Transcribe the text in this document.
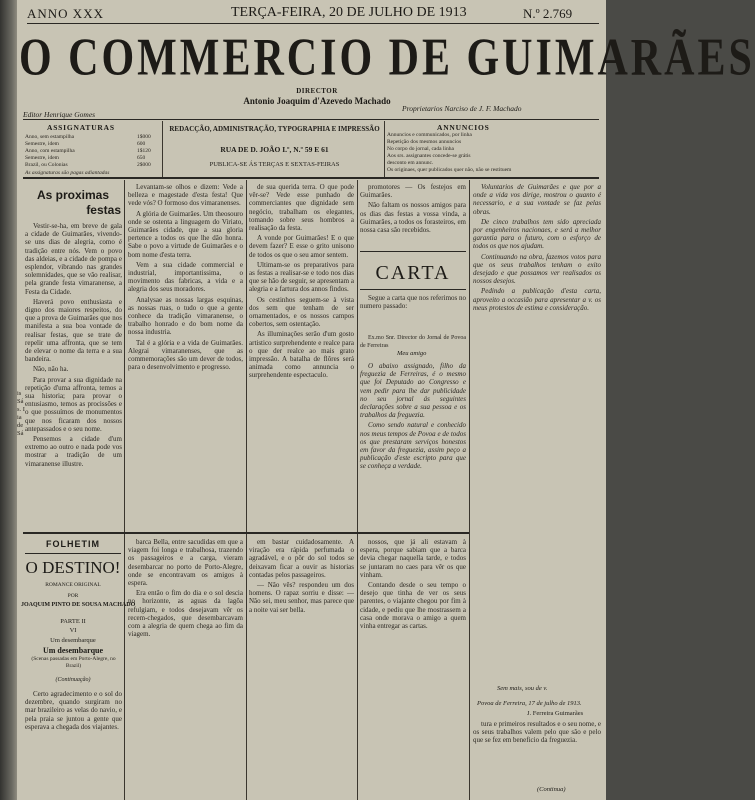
ANNO XXX	TERÇA-FEIRA, 20 DE JULHO DE 1913	N.º 2.769
O COMMERCIO DE GUIMARÃES
DIRECTOR
Antonio Joaquim d'Azevedo Machado
Editor Henrique Gomes
Proprietarios Narciso de J. F. Machado
ASSIGNATURAS
Anno, sem estampilha
Semestre, idem
Anno, com estampilha
Semestre, idem
Brazil, ou Colonias
1$000
600
1$120
650
2$000
As assignaturas são pagas adiantadas
REDACÇÃO, ADMINISTRAÇÃO, TYPOGRAPHIA E IMPRESSÃO
RUA DE D. JOÃO I.º, N.º 59 E 61
PUBLICA-SE ÁS TERÇAS E SEXTAS-FEIRAS
ANNUNCIOS
Annuncios e communicados, por linha
Repetição dos mesmos annuncios
No corpo do jornal, cada linha
Aos srs. assignantes concede-se grátis
desconto em annunc.
Os originaes, quer publicados quer não, não se restituem
is
Sá
s. I
ia
de
Sá
As proximas
festas

Vestir-se-ha, em breve de gala a cidade de Guimarães, vivendo-se uns dias de alegria, como é tradição entre nós. Vem o povo das aldeias, e a cidade de pompa e esplendor, vibrando nas grandes solemnidades, que se vão realisar, pela grande festa vimaranense, a Festa da Cidade.

Haverá povo enthusiasta e digno dos maiores respeitos, do que a prova de Guimarães que nos manifesta a sua boa vontade de realisar festas, que se trate de repelir uma affronta, que se tem de elevar o nome da terra e a sua bandeira.

Não, não ha.

Para provar a sua dignidade na repetição d'uma affronta, temos a sua historia; para provar o entusiasmo, temos as procissões e o que possuímos de monumentos que nos ficaram dos nossos antepassados e o seu nome.

Pensemos a cidade d'um extremo ao outro e nada pode vos mostrar a tradição de um vimaranense illustre.

Levantam-se olhos e dizem: Vede a belleza e magestade d'esta festa! Que vede vós? O formoso dos vimaranenses.

A glória de Guimarães. Um theosouro onde se ostenta a linguagem do Viriato, Guimarães cidade, que a sua gloria pertence a todos os que lhe dão honra. Sabe o povo a virtude de Guimarães e o bom nome d'esta terra.

Vem a sua cidade commercial e industrial, importantissima, o movimento das fabricas, a vida e a alegria dos seus moradores.

Analysae as nossas largas esquinas, as nossas ruas, o tudo o que a gente conhece da tradição vimaranense, o trabalho honrado e do bom nome da nossa industria.

Tal é a glória e a vida de Guimarães. Alegrai vimaranenses, que as commemorações são um dever de todos, para o desenvolvimento e progresso.

de sua querida terra. O que pode vêr-se? Vede esse punhado de commerciantes que dignidade sem negócio, trabalham os elegantes, tomando sobre seus hombros a realisação da festa.

A vonde por Guimarães! E o que devem fazer? E esse o grito unisono de todos os que o seu amor sentem.

Ultimam-se os preparativos para as festas a realisar-se e todo nos dias que se hão de seguir, se apresentam a alegria e a fartura dos annos findos.

Os cestinhos seguem-se à vista dos sem que tenham de ser ornamentados, e os nossos campos cobertos, sem ostentação.

As illuminações serão d'um gosto artistico surprehendente e realce para o que der realce ao mais grato impressão. A batalha de flôres será animada como annuncia o surprehendente espectaculo.

promotores — Os festejos em Guimarães.

Não faltam os nossos amigos para os dias das festas a vossa vinda, a Guimarães, a todos os forasteiros, em nossa casa são recebidos.

CARTA

Segue a carta que nos referimos no numero passado:

Ex.mo Snr. Director do Jornal de Povoa de Ferreiras

Meu amigo

O abaixo assignado, filho da freguezia de Ferreiras, é o mesmo que foi Deputado ao Congresso e vem pedir para lhe dar publicidade no seu jornal ás seguintes declarações sobre a sua pessoa e os trabalhos da freguezia.

Como sendo natural e conhecido nos meus tempos de Povoa e de todos os que prestaram serviços honestos em favor da freguezia, assim peço a publicação d'este escripto para que se conheça a verdade.

Voluntarios de Guimarães e que por a onde a vida vos dirige, mostrou o quanto é necessario, e a sua vontade se faz pelas obras.

De cinco trabalhos tem sido apreciada por engenheiros nacionaes, e será a melhor garantia para o futuro, com o esforço de todos os que nos ajudam.

Continuando na obra, fazemos votos para que os seus trabalhos tenham o exito desejado e que possamos ver realisados os nossos desejos.

Pedindo a publicação d'esta carta, aproveito a occasião para apresentar a v. os meus protestos de estima e consideração.

Sem mais, sou de v.
Povoa de Ferreira, 17 de julho de 1913.
J. Ferreira Guimarães

tura e primeiros resultados e o seu nome, e os seus trabalhos valem pelo que são e pelo que se fez em beneficio da freguezia.

(Continua)
FOLHETIM
O DESTINO!
ROMANCE ORIGINAL
POR
JOAQUIM PINTO DE SOUSA MACHADO
PARTE II
VI
Um desembarque
Um desembarque
(Scenas passadas em Porto-Alegre, no Brazil)
(Continuação)

Certo agradecimento e o sol do dezembre, quando surgiram no mar brazileiro as velas do navio, e pela praia se juntou a gente que esperava a chegada dos viajantes.

barca Bella, entre sacudidas em que a viagem foi longa e trabalhosa, trazendo os passageiros e a carga, vieram desembarcar no porto de Porto-Alegre, onde se encontravam os amigos à espera.

Era então o fim do dia e o sol descia no horizonte, as aguas da lagôa refulgiam, e todos desejavam vêr os recem-chegados, que desembarcavam com a alegria de quem chega ao fim da viagem.

em bastar cuidadosamente. A viração era rápida perfumada o agradável, e o pôr do sol todos se deixavam ficar a ouvir as historias contadas pelos passageiros.

— Não vês? respondeu um dos homens. O rapaz sorriu e disse: — Não sei, meu senhor, mas parece que a noite vai ser bella.

nossos, que já ali estavam à espera, porque sabiam que a barca devia chegar naquella tarde, e todos se juntaram no caes para vêr os que vinham.

Contando desde o seu tempo o desejo que tinha de ver os seus parentes, o viajante chegou por fim à cidade, e pediu que lhe mostrassem a casa onde morava o amigo a quem vinha entregar as cartas.
